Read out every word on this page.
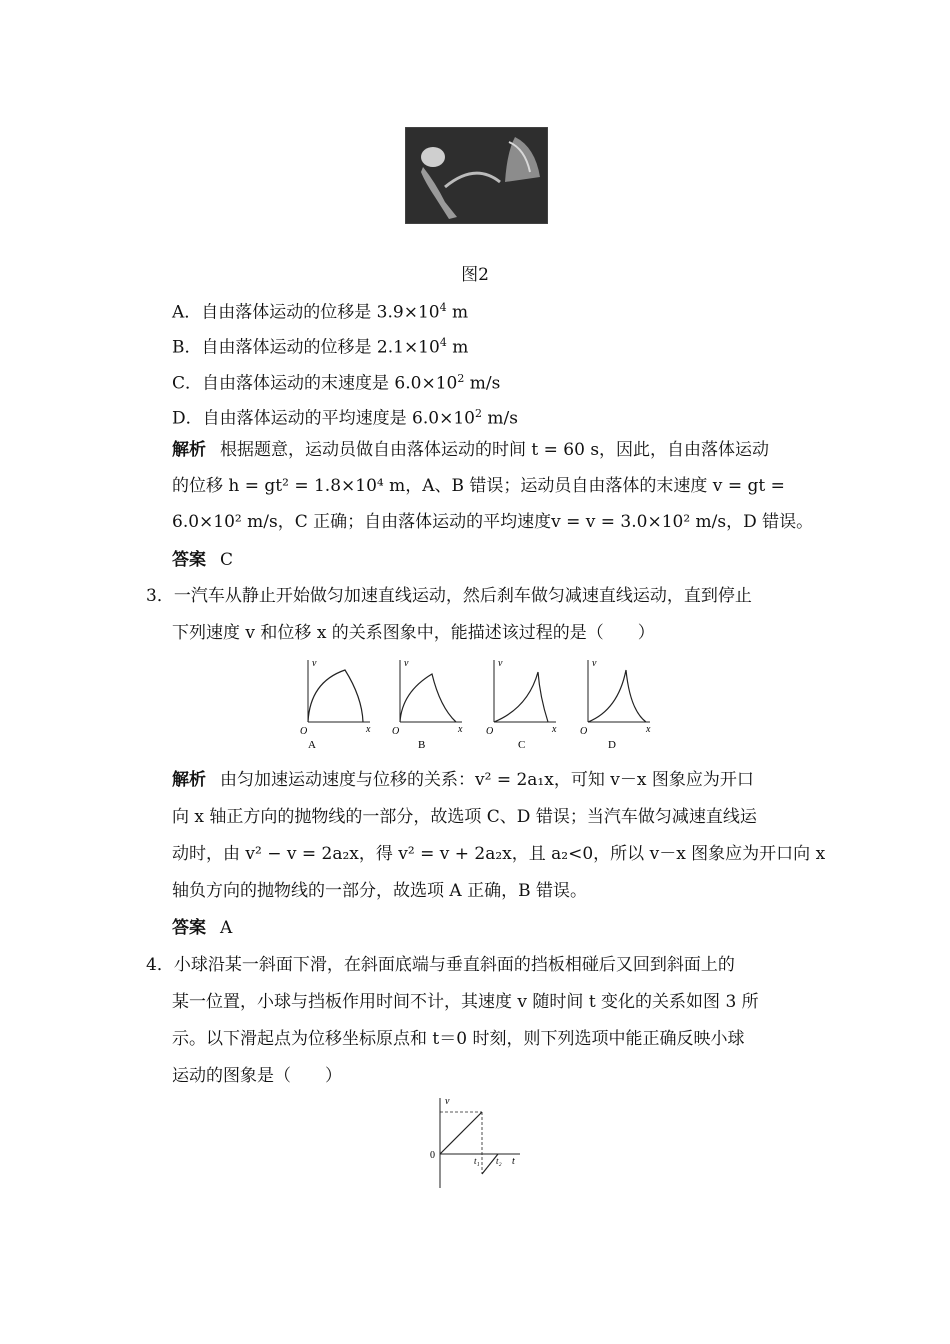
图2
A．自由落体运动的位移是 $3.9\times 10^4$ m
B．自由落体运动的位移是 $2.1\times 10^4$ m
C．自由落体运动的末速度是 $6.0\times 10^2$ m/s
D．自由落体运动的平均速度是 $6.0\times 10^2$ m/s
解析 根据题意，运动员做自由落体运动的时间 t = 60 s，因此，自由落体运动
的位移 h = gt² = 1.8×10⁴ m，A、B 错误；运动员自由落体的末速度 v = gt =
6.0×10² m/s，C 正确；自由落体运动的平均速度v = v = 3.0×10² m/s，D 错误。
答案 C
3．一汽车从静止开始做匀加速直线运动，然后刹车做匀减速直线运动，直到停止
下列速度 v 和位移 x 的关系图象中，能描述该过程的是（　　）
v
O	x
A
v
O	x
B
v
O	x
C
v
O	x
D
解析 由匀加速运动速度与位移的关系：v² = 2a₁x，可知 v－x 图象应为开口
向 x 轴正方向的抛物线的一部分，故选项 C、D 错误；当汽车做匀减速直线运
动时，由 v² − v = 2a₂x，得 v² = v + 2a₂x，且 a₂<0，所以 v－x 图象应为开口向 x
轴负方向的抛物线的一部分，故选项 A 正确，B 错误。
答案 A
4．小球沿某一斜面下滑，在斜面底端与垂直斜面的挡板相碰后又回到斜面上的
某一位置，小球与挡板作用时间不计，其速度 v 随时间 t 变化的关系如图 3 所
示。以下滑起点为位移坐标原点和 t＝0 时刻，则下列选项中能正确反映小球
运动的图象是（　　）
v
0	t₁ t₂ t
